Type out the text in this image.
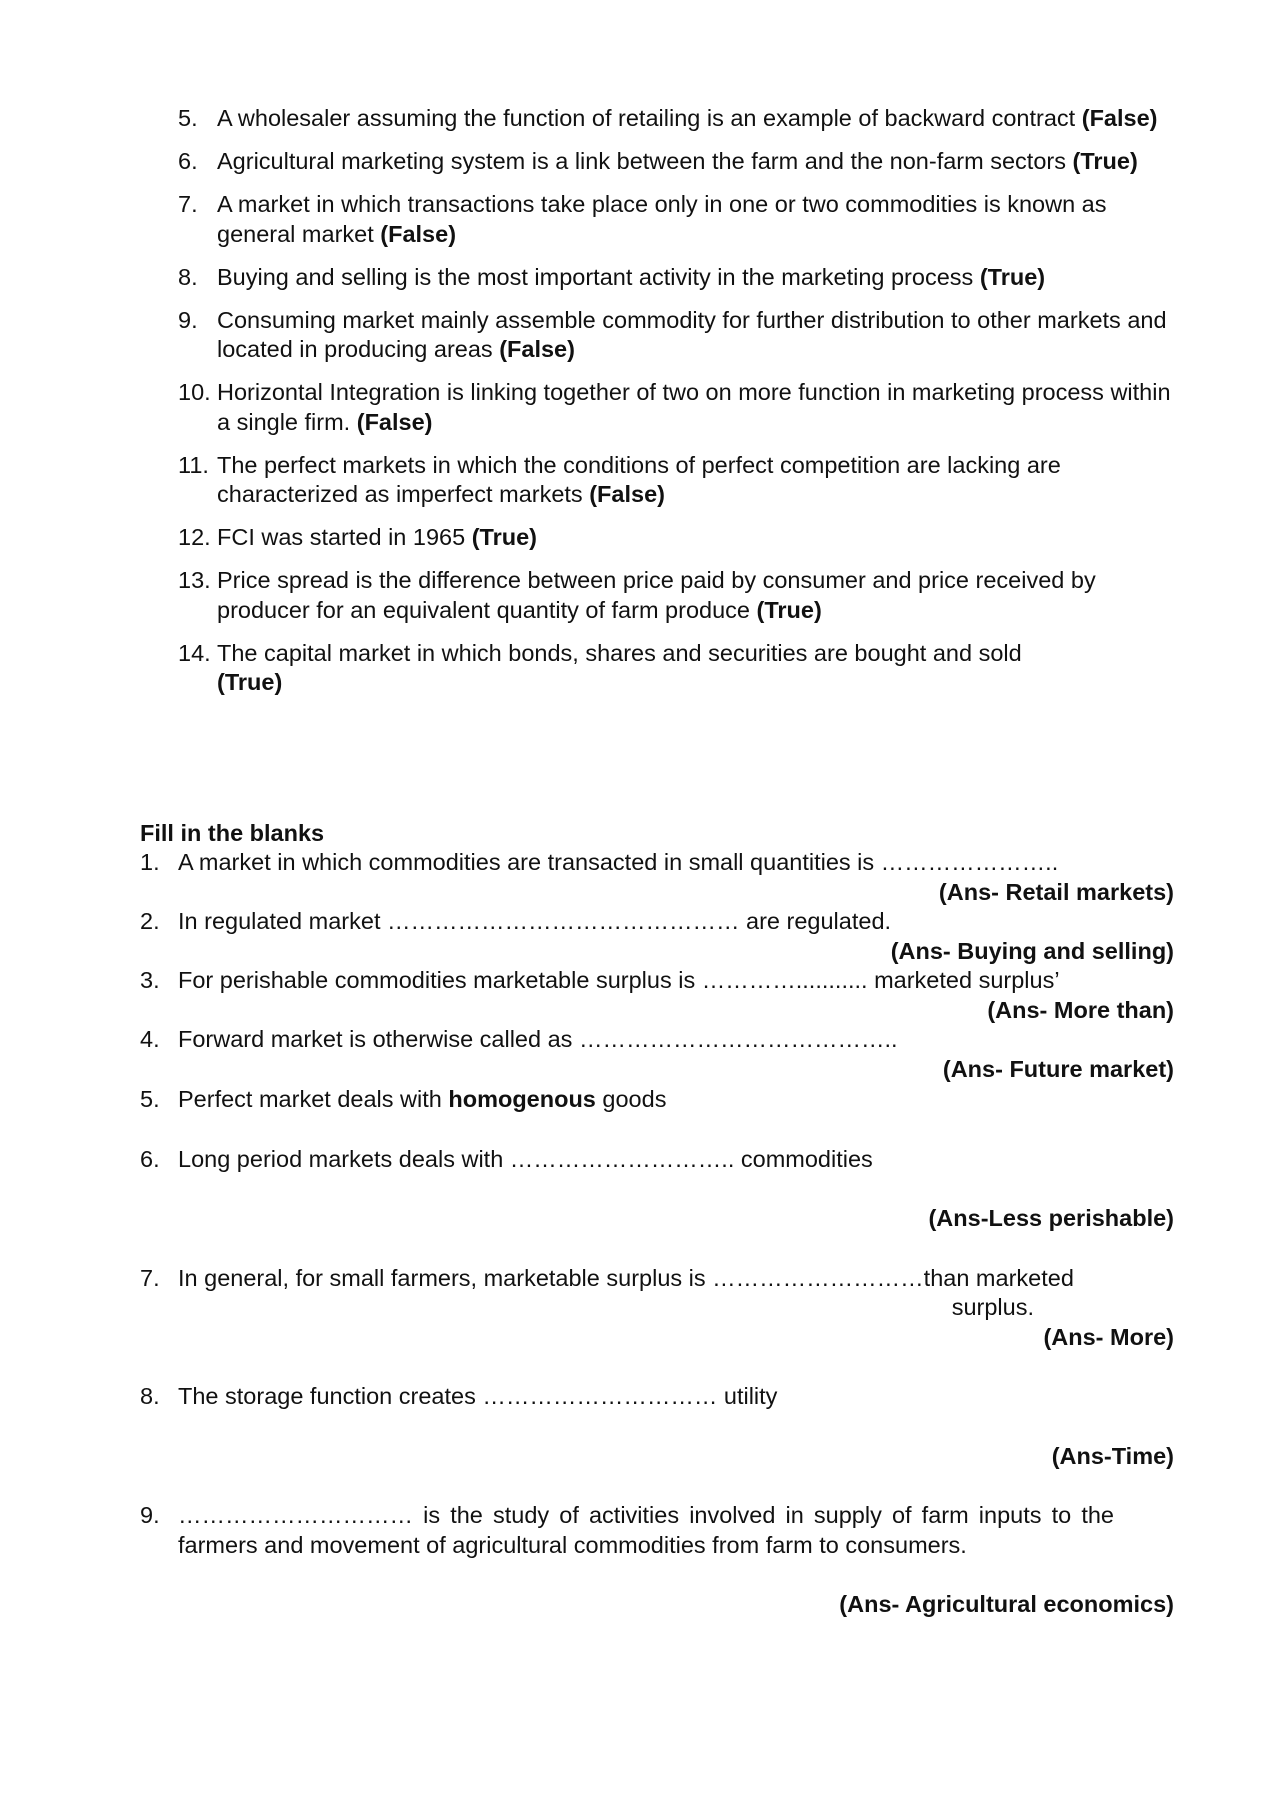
5. A wholesaler assuming the function of retailing is an example of backward contract (False)
6. Agricultural marketing system is a link between the farm and the non-farm sectors (True)
7. A market in which transactions take place only in one or two commodities is known as general market (False)
8. Buying and selling is the most important activity in the marketing process (True)
9. Consuming market mainly assemble commodity for further distribution to other markets and located in producing areas (False)
10. Horizontal Integration is linking together of two on more function in marketing process within a single firm. (False)
11. The perfect markets in which the conditions of perfect competition are lacking are characterized as imperfect markets (False)
12. FCI was started in 1965 (True)
13. Price spread is the difference between price paid by consumer and price received by producer for an equivalent quantity of farm produce (True)
14. The capital market in which bonds, shares and securities are bought and sold
(True)
Fill in the blanks
1. A market in which commodities are transacted in small quantities is …………………..
(Ans- Retail markets)
2. In regulated market ……………………………………… are regulated.
(Ans- Buying and selling)
3. For perishable commodities marketable surplus is …………........... marketed surplus’
(Ans- More than)
4. Forward market is otherwise called as …………………………………..
(Ans- Future market)
5. Perfect market deals with homogenous goods
6. Long period markets deals with ……………………….. commodities
(Ans-Less perishable)
7. In general, for small farmers, marketable surplus is ………………………than marketed
surplus.
(Ans- More)
8. The storage function creates ………………………… utility
(Ans-Time)
9. ………………………… is the study of activities involved in supply of farm inputs to the farmers and movement of agricultural commodities from farm to consumers.
(Ans- Agricultural economics)
